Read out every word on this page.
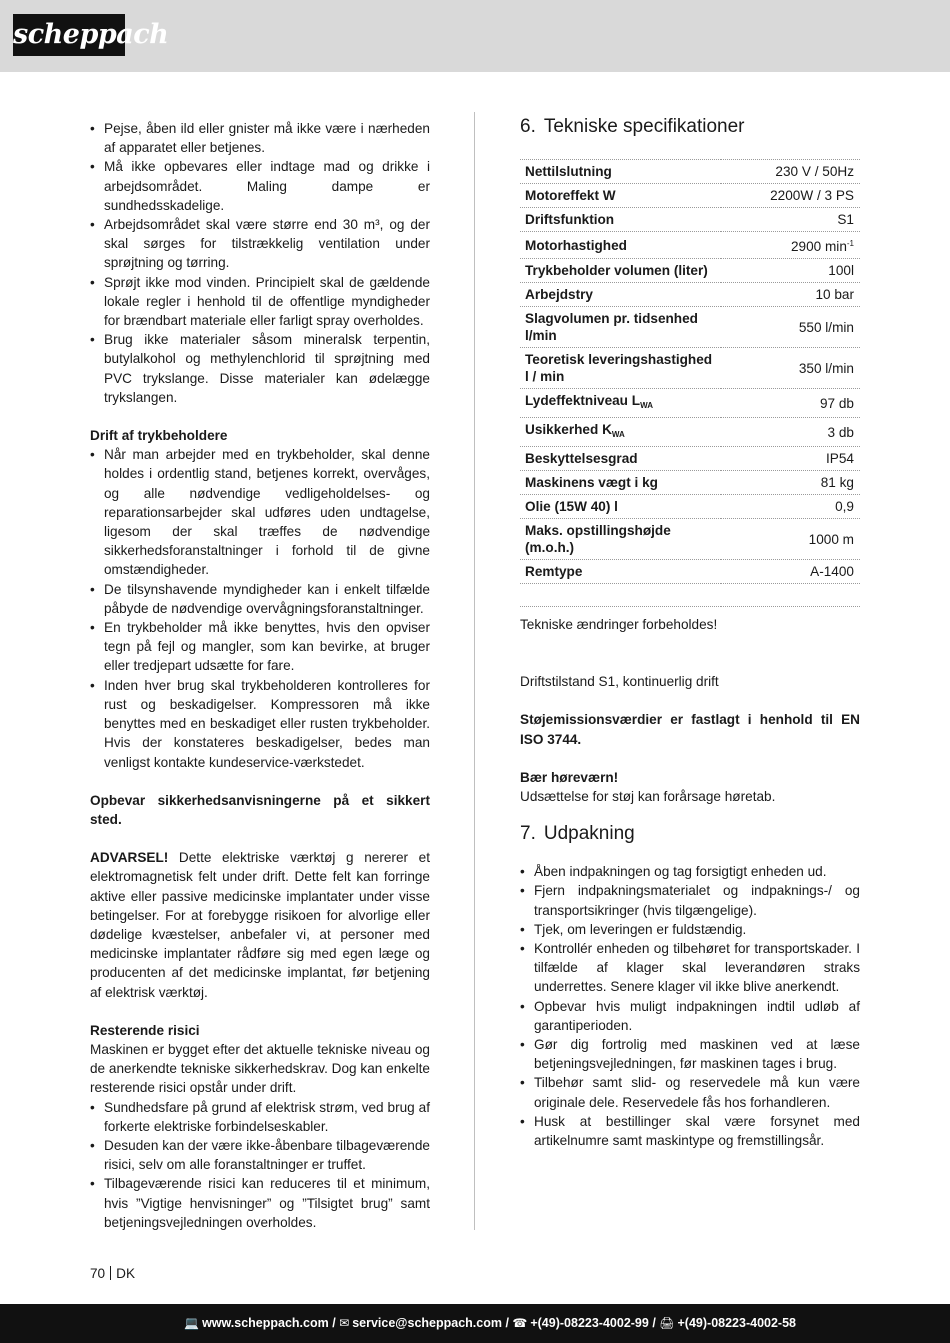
scheppach
• Pejse, åben ild eller gnister må ikke være i nærheden af apparatet eller betjenes.
• Må ikke opbevares eller indtage mad og drikke i arbejdsområdet. Maling dampe er sundhedsskadelige.
• Arbejdsområdet skal være større end 30 m³, og der skal sørges for tilstrækkelig ventilation under sprøjtning og tørring.
• Sprøjt ikke mod vinden. Principielt skal de gældende lokale regler i henhold til de offentlige myndigheder for brændbart materiale eller farligt spray overholdes.
• Brug ikke materialer såsom mineralsk terpentin, butylalkohol og methylenchlorid til sprøjtning med PVC trykslange. Disse materialer kan ødelægge trykslangen.

Drift af trykbeholdere

• Når man arbejder med en trykbeholder, skal denne holdes i ordentlig stand, betjenes korrekt, overvåges, og alle nødvendige vedligeholdelses- og reparationsarbejder skal udføres uden undtagelse, ligesom der skal træffes de nødvendige sikkerhedsforanstaltninger i forhold til de givne omstændigheder.
• De tilsynshavende myndigheder kan i enkelt tilfælde påbyde de nødvendige overvågningsforanstaltninger.
• En trykbeholder må ikke benyttes, hvis den opviser tegn på fejl og mangler, som kan bevirke, at bruger eller tredjepart udsætte for fare.
• Inden hver brug skal trykbeholderen kontrolleres for rust og beskadigelser. Kompressoren må ikke benyttes med en beskadiget eller rusten trykbeholder. Hvis der konstateres beskadigelser, bedes man venligst kontakte kundeservice-værkstedet.

Opbevar sikkerhedsanvisningerne på et sikkert sted.

ADVARSEL! Dette elektriske værktøj g nererer et elektromagnetisk felt under drift. Dette felt kan forringe aktive eller passive medicinske implantater under visse betingelser. For at forebygge risikoen for alvorlige eller dødelige kvæstelser, anbefaler vi, at personer med medicinske implantater rådføre sig med egen læge og producenten af det medicinske implantat, før betjening af elektrisk værktøj.

Resterende risici

Maskinen er bygget efter det aktuelle tekniske niveau og de anerkendte tekniske sikkerhedskrav. Dog kan enkelte resterende risici opstår under drift.

• Sundhedsfare på grund af elektrisk strøm, ved brug af forkerte elektriske forbindelseskabler.
• Desuden kan der være ikke-åbenbare tilbageværende risici, selv om alle foranstaltninger er truffet.
• Tilbageværende risici kan reduceres til et minimum, hvis ”Vigtige henvisninger” og ”Tilsigtet brug” samt betjeningsvejledningen overholdes.
6. Tekniske specifikationer
Nettilslutning	230 V / 50Hz
Motoreffekt W	2200W / 3 PS
Driftsfunktion	S1
Motorhastighed	2900 $\min^{-1}$
Trykbeholder volumen (liter)	100l
Arbejdstry	10 bar
Slagvolumen pr. tidsenhed l/min	550 l/min
Teoretisk leveringshastighed l / min	350 l/min
Lydeffektniveau $L_{WA}$	97 db
Usikkerhed $K_{WA}$	3 db
Beskyttelsesgrad	IP54
Maskinens vægt i kg	81 kg
Olie (15W 40) l	0,9
Maks. opstillingshøjde (m.o.h.)	1000 m
Remtype	A-1400

Tekniske ændringer forbeholdes!

Driftstilstand S1, kontinuerlig drift

Støjemissionsværdier er fastlagt i henhold til EN ISO 3744.

Bær høreværn!

Udsættelse for støj kan forårsage høretab.

7. Udpakning
• Åben indpakningen og tag forsigtigt enheden ud.
• Fjern indpakningsmaterialet og indpaknings-/ og transportsikringer (hvis tilgængelige).
• Tjek, om leveringen er fuldstændig.
• Kontrollér enheden og tilbehøret for transportskader. I tilfælde af klager skal leverandøren straks underrettes. Senere klager vil ikke blive anerkendt.
• Opbevar hvis muligt indpakningen indtil udløb af garantiperioden.
• Gør dig fortrolig med maskinen ved at læse betjeningsvejledningen, før maskinen tages i brug.
• Tilbehør samt slid- og reservedele må kun være originale dele. Reservedele fås hos forhandleren.
• Husk at bestillinger skal være forsynet med artikelnumre samt maskintype og fremstillingsår.
70 DK
💻 www.scheppach.com / ✉ service@scheppach.com / ☎ +(49)-08223-4002-99 / 🖨 +(49)-08223-4002-58
